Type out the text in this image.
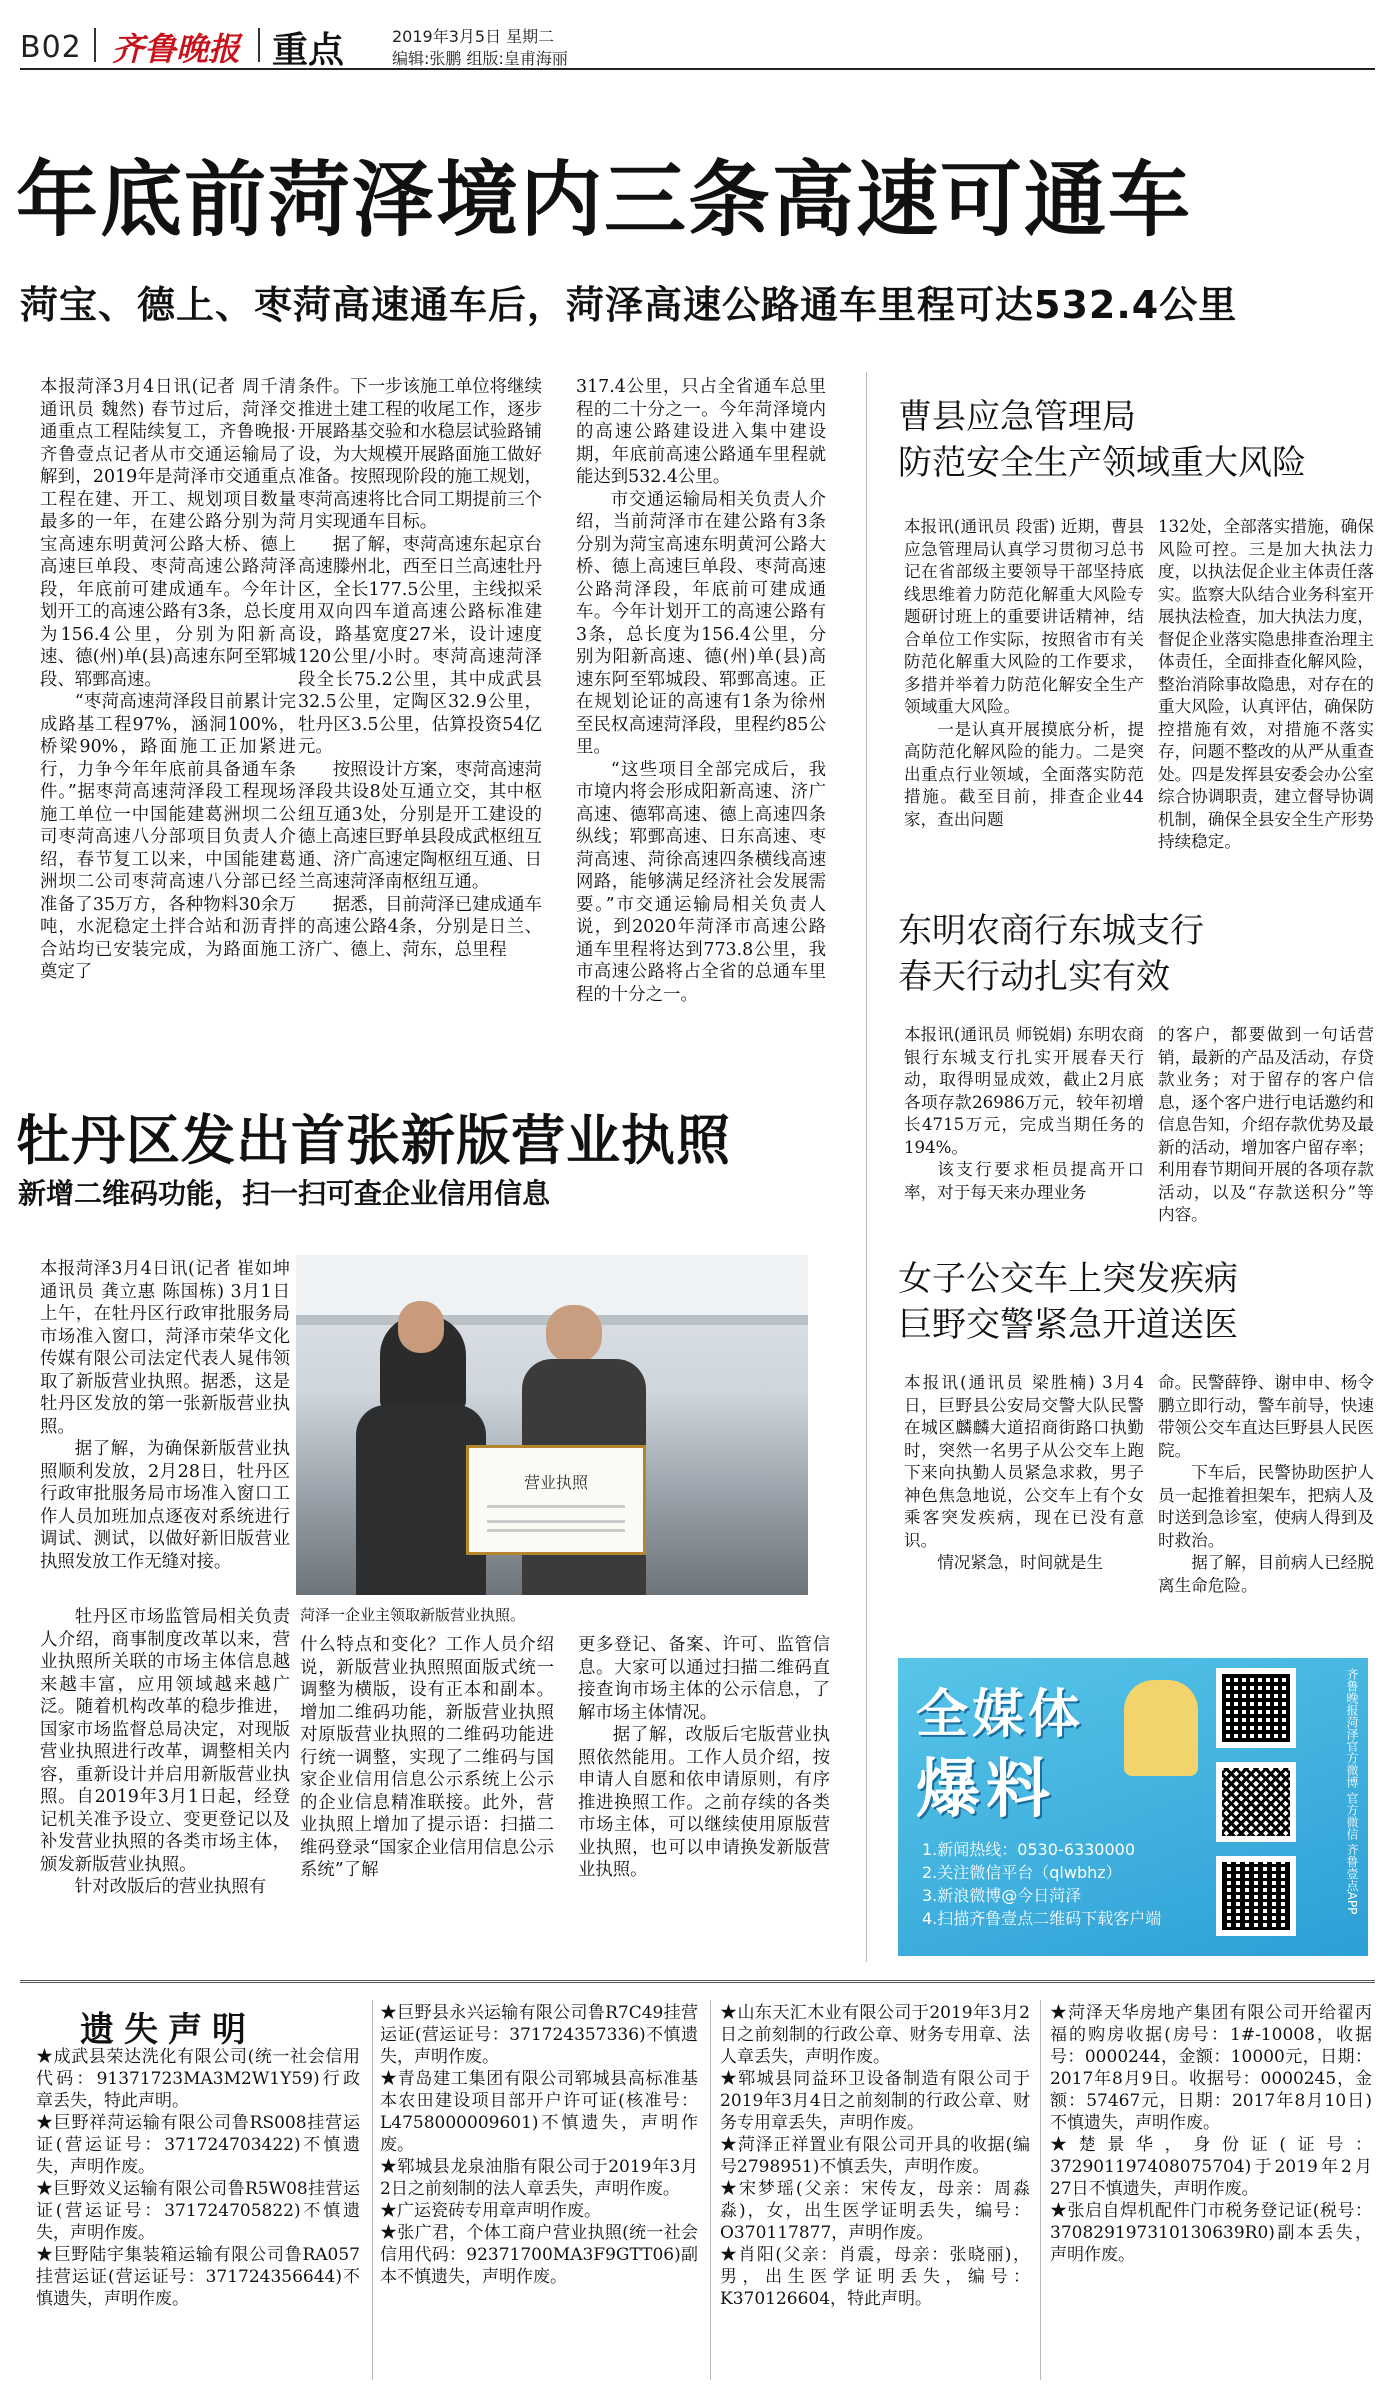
B02 齐鲁晚报 重点	2019年3月5日 星期二
编辑:张鹏 组版:皇甫海丽
年底前菏泽境内三条高速可通车
菏宝、德上、枣菏高速通车后，菏泽高速公路通车里程可达532.4公里

本报菏泽3月4日讯(记者 周千清 通讯员 魏然) 春节过后，菏泽交通重点工程陆续复工，齐鲁晚报·齐鲁壹点记者从市交通运输局了解到，2019年是菏泽市交通重点工程在建、开工、规划项目数量最多的一年，在建公路分别为菏宝高速东明黄河公路大桥、德上高速巨单段、枣菏高速公路菏泽段，年底前可建成通车。今年计划开工的高速公路有3条，总长度为156.4公里，分别为阳新高速、德(州)单(县)高速东阿至郓城段、郓鄄高速。

“枣菏高速菏泽段目前累计完成路基工程97%，涵洞100%，桥梁90%，路面施工正加紧进行，力争今年年底前具备通车条件。”据枣菏高速菏泽段工程现场施工单位一中国能建葛洲坝二公司枣菏高速八分部项目负责人介绍，春节复工以来，中国能建葛洲坝二公司枣菏高速八分部已经准备了35万方，各种物料30余万吨，水泥稳定土拌合站和沥青拌合站均已安装完成，为路面施工奠定了

条件。下一步该施工单位将继续推进土建工程的收尾工作，逐步开展路基交验和水稳层试验路铺设，为大规模开展路面施工做好准备。按照现阶段的施工规划，枣菏高速将比合同工期提前三个月实现通车目标。

据了解，枣菏高速东起京台高速滕州北，西至日兰高速牡丹区，全长177.5公里，主线拟采用双向四车道高速公路标准建设，路基宽度27米，设计速度120公里/小时。枣菏高速菏泽段全长75.2公里，其中成武县32.5公里，定陶区32.9公里，牡丹区3.5公里，估算投资54亿元。

按照设计方案，枣菏高速菏泽段共设8处互通立交，其中枢纽互通3处，分别是开工建设的德上高速巨野单县段成武枢纽互通、济广高速定陶枢纽互通、日兰高速菏泽南枢纽互通。

据悉，目前菏泽已建成通车的高速公路4条，分别是日兰、济广、德上、菏东，总里程

317.4公里，只占全省通车总里程的二十分之一。今年菏泽境内的高速公路建设进入集中建设期，年底前高速公路通车里程就能达到532.4公里。

市交通运输局相关负责人介绍，当前菏泽市在建公路有3条分别为菏宝高速东明黄河公路大桥、德上高速巨单段、枣菏高速公路菏泽段，年底前可建成通车。今年计划开工的高速公路有3条，总长度为156.4公里，分别为阳新高速、德(州)单(县)高速东阿至郓城段、郓鄄高速。正在规划论证的高速有1条为徐州至民权高速菏泽段，里程约85公里。

“这些项目全部完成后，我市境内将会形成阳新高速、济广高速、德郓高速、德上高速四条纵线；郓鄄高速、日东高速、枣菏高速、菏徐高速四条横线高速网路，能够满足经济社会发展需要。”市交通运输局相关负责人说，到2020年菏泽市高速公路通车里程将达到773.8公里，我市高速公路将占全省的总通车里程的十分之一。

曹县应急管理局
防范安全生产领域重大风险

本报讯(通讯员 段雷) 近期，曹县应急管理局认真学习贯彻习总书记在省部级主要领导干部坚持底线思维着力防范化解重大风险专题研讨班上的重要讲话精神，结合单位工作实际，按照省市有关防范化解重大风险的工作要求，多措并举着力防范化解安全生产领域重大风险。

一是认真开展摸底分析，提高防范化解风险的能力。二是突出重点行业领域，全面落实防范措施。截至目前，排查企业44家，查出问题

132处，全部落实措施，确保风险可控。三是加大执法力度，以执法促企业主体责任落实。监察大队结合业务科室开展执法检查，加大执法力度，督促企业落实隐患排查治理主体责任，全面排查化解风险，整治消除事故隐患，对存在的重大风险，认真评估，确保防控措施有效，对措施不落实存，问题不整改的从严从重查处。四是发挥县安委会办公室综合协调职责，建立督导协调机制，确保全县安全生产形势持续稳定。

东明农商行东城支行
春天行动扎实有效

本报讯(通讯员 师锐娟) 东明农商银行东城支行扎实开展春天行动，取得明显成效，截止2月底各项存款26986万元，较年初增长4715万元，完成当期任务的194%。

该支行要求柜员提高开口率，对于每天来办理业务

的客户，都要做到一句话营销，最新的产品及活动，存贷款业务；对于留存的客户信息，逐个客户进行电话邀约和信息告知，介绍存款优势及最新的活动，增加客户留存率；利用春节期间开展的各项存款活动，以及“存款送积分”等内容。

女子公交车上突发疾病
巨野交警紧急开道送医

本报讯(通讯员 梁胜楠) 3月4日，巨野县公安局交警大队民警在城区麟麟大道招商街路口执勤时，突然一名男子从公交车上跑下来向执勤人员紧急求救，男子神色焦急地说，公交车上有个女乘客突发疾病，现在已没有意识。

情况紧急，时间就是生

命。民警薛铮、谢申申、杨令鹏立即行动，警车前导，快速带领公交车直达巨野县人民医院。

下车后，民警协助医护人员一起推着担架车，把病人及时送到急诊室，使病人得到及时救治。

据了解，目前病人已经脱离生命危险。

全媒体
爆料
1.新闻热线：0530-6330000
2.关注微信平台（qlwbhz）
3.新浪微博@今日菏泽
4.扫描齐鲁壹点二维码下载客户端
齐鲁晚报菏泽官方微博 官方微信 齐鲁壹点APP
牡丹区发出首张新版营业执照
新增二维码功能，扫一扫可查企业信用信息

本报菏泽3月4日讯(记者 崔如坤 通讯员 龚立惠 陈国栋) 3月1日上午，在牡丹区行政审批服务局市场准入窗口，菏泽市荣华文化传媒有限公司法定代表人晁伟领取了新版营业执照。据悉，这是牡丹区发放的第一张新版营业执照。

据了解，为确保新版营业执照顺利发放，2月28日，牡丹区行政审批服务局市场准入窗口工作人员加班加点逐夜对系统进行调试、测试，以做好新旧版营业执照发放工作无缝对接。

牡丹区市场监管局相关负责人介绍，商事制度改革以来，营业执照所关联的市场主体信息越来越丰富，应用领域越来越广泛。随着机构改革的稳步推进，国家市场监督总局决定，对现版营业执照进行改革，调整相关内容，重新设计并启用新版营业执照。自2019年3月1日起，经登记机关准予设立、变更登记以及补发营业执照的各类市场主体，颁发新版营业执照。

针对改版后的营业执照有

营业执照
菏泽一企业主领取新版营业执照。

什么特点和变化？工作人员介绍说，新版营业执照照面版式统一调整为横版，设有正本和副本。增加二维码功能，新版营业执照对原版营业执照的二维码功能进行统一调整，实现了二维码与国家企业信用信息公示系统上公示的企业信息精准联接。此外，营业执照上增加了提示语：扫描二维码登录“国家企业信用信息公示系统”了解

更多登记、备案、许可、监管信息。大家可以通过扫描二维码直接查询市场主体的公示信息，了解市场主体情况。

据了解，改版后宅版营业执照依然能用。工作人员介绍，按申请人自愿和依申请原则，有序推进换照工作。之前存续的各类市场主体，可以继续使用原版营业执照，也可以申请换发新版营业执照。

遗失声明

★成武县荣达洗化有限公司(统一社会信用代码：91371723MA3M2W1Y59)行政章丢失，特此声明。

★巨野祥菏运输有限公司鲁RS008挂营运证(营运证号：371724703422)不慎遗失，声明作废。

★巨野效义运输有限公司鲁R5W08挂营运证(营运证号：371724705822)不慎遗失，声明作废。

★巨野陆宇集装箱运输有限公司鲁RA057挂营运证(营运证号：371724356644)不慎遗失，声明作废。

★巨野县永兴运输有限公司鲁R7C49挂营运证(营运证号：371724357336)不慎遗失，声明作废。

★青岛建工集团有限公司郓城县高标准基本农田建设项目部开户许可证(核准号：L4758000009601)不慎遗失，声明作废。

★郓城县龙泉油脂有限公司于2019年3月2日之前刻制的法人章丢失，声明作废。

★广运瓷砖专用章声明作废。

★张广君，个体工商户营业执照(统一社会信用代码：92371700MA3F9GTT06)副本不慎遗失，声明作废。

★山东天汇木业有限公司于2019年3月2日之前刻制的行政公章、财务专用章、法人章丢失，声明作废。

★郓城县同益环卫设备制造有限公司于2019年3月4日之前刻制的行政公章、财务专用章丢失，声明作废。

★菏泽正祥置业有限公司开具的收据(编号2798951)不慎丢失，声明作废。

★宋梦瑶(父亲：宋传友，母亲：周淼淼)，女，出生医学证明丢失，编号：O370117877，声明作废。

★肖阳(父亲：肖震，母亲：张晓丽)，男，出生医学证明丢失，编号：K370126604，特此声明。

★菏泽天华房地产集团有限公司开给翟丙福的购房收据(房号：1#-10008，收据号：0000244，金额：10000元，日期：2017年8月9日。收据号：0000245，金额：57467元，日期：2017年8月10日)不慎遗失，声明作废。

★楚景华，身份证(证号：372901197408075704)于2019年2月27日不慎遗失，声明作废。

★张启自焊机配件门市税务登记证(税号：37082919731013063​9R0)副本丢失，声明作废。
